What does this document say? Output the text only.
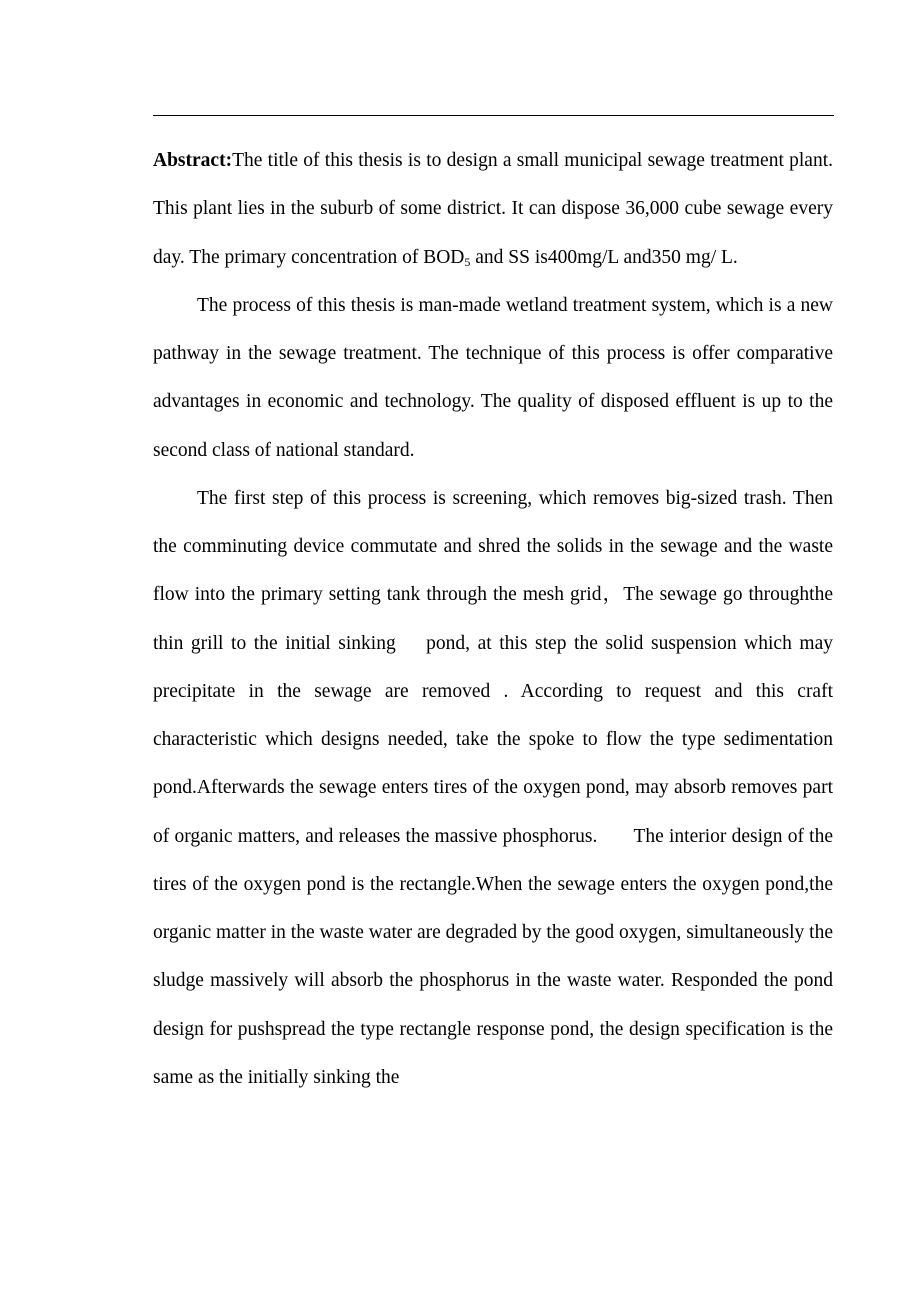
Abstract:The title of this thesis is to design a small municipal sewage treatment plant. This plant lies in the suburb of some district. It can dispose 36,000 cube sewage every day. The primary concentration of $BOD_5$ and SS is400mg/L and350 mg/ L.

The process of this thesis is man-made wetland treatment system, which is a new pathway in the sewage treatment. The technique of this process is offer comparative advantages in economic and technology. The quality of disposed effluent is up to the second class of national standard.

The first step of this process is screening, which removes big-sized trash. Then the comminuting device commutate and shred the solids in the sewage and the waste flow into the primary setting tank through the mesh grid，The sewage go throughthe thin grill to the initial sinking    pond, at this step the solid suspension which may precipitate in the sewage are removed . According to request and this craft characteristic which designs needed, take the spoke to flow the type sedimentation pond.Afterwards the sewage enters tires of the oxygen pond, may absorb removes part of organic matters, and releases the massive phosphorus.       The interior design of the tires of the oxygen pond is the rectangle.When the sewage enters the oxygen pond,the organic matter in the waste water are degraded by the good oxygen, simultaneously the sludge massively will absorb the phosphorus in the waste water. Responded the pond design for pushspread the type rectangle response pond, the design specification is the same as the initially sinking the
